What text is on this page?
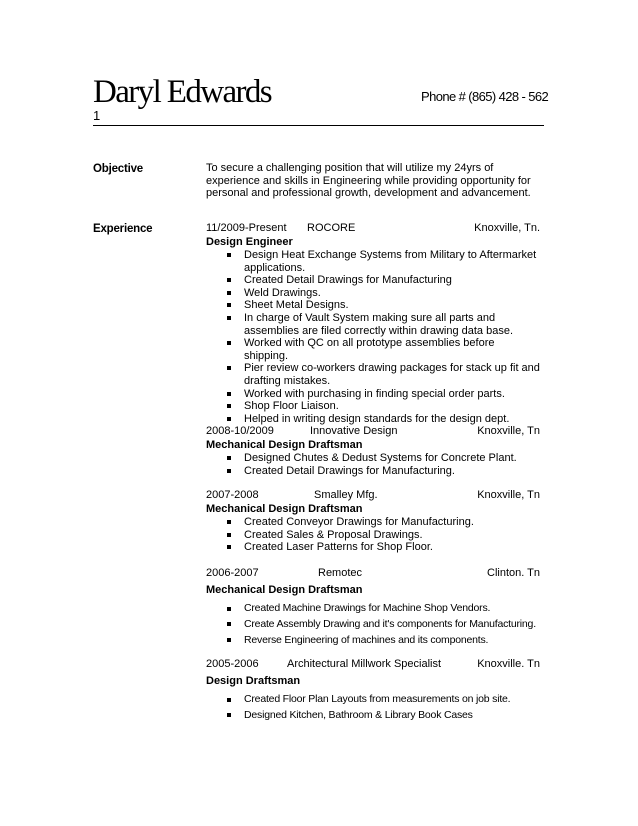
Daryl Edwards	Phone # (865) 428 - 562
1
Objective	To secure a challenging position that will utilize my 24yrs of experience and skills in Engineering while providing opportunity for personal and professional growth, development and advancement.
Experience	11/2009-Present ROCORE	Knoxville, Tn.
Design Engineer
Design Heat Exchange Systems from Military to Aftermarket applications.
Created Detail Drawings for Manufacturing
Weld Drawings.
Sheet Metal Designs.
In charge of Vault System making sure all parts and assemblies are filed correctly within drawing data base.
Worked with QC on all prototype assemblies before shipping.
Pier review co-workers drawing packages for stack up fit and drafting mistakes.
Worked with purchasing in finding special order parts.
Shop Floor Liaison.
Helped in writing design standards for the design dept.
2008-10/2009	Innovative Design	Knoxville, Tn
Mechanical Design Draftsman
Designed Chutes & Dedust Systems for Concrete Plant.
Created Detail Drawings for Manufacturing.
2007-2008	Smalley Mfg.	Knoxville, Tn
Mechanical Design Draftsman
Created Conveyor Drawings for Manufacturing.
Created Sales & Proposal Drawings.
Created Laser Patterns for Shop Floor.
2006-2007	Remotec	Clinton. Tn
Mechanical Design Draftsman
Created Machine Drawings for Machine Shop Vendors.
Create Assembly Drawing and it's components for Manufacturing.
Reverse Engineering of machines and its components.
2005-2006	Architectural Millwork Specialist	Knoxville. Tn
Design Draftsman
Created Floor Plan Layouts from measurements on job site.
Designed Kitchen, Bathroom & Library Book Cases
